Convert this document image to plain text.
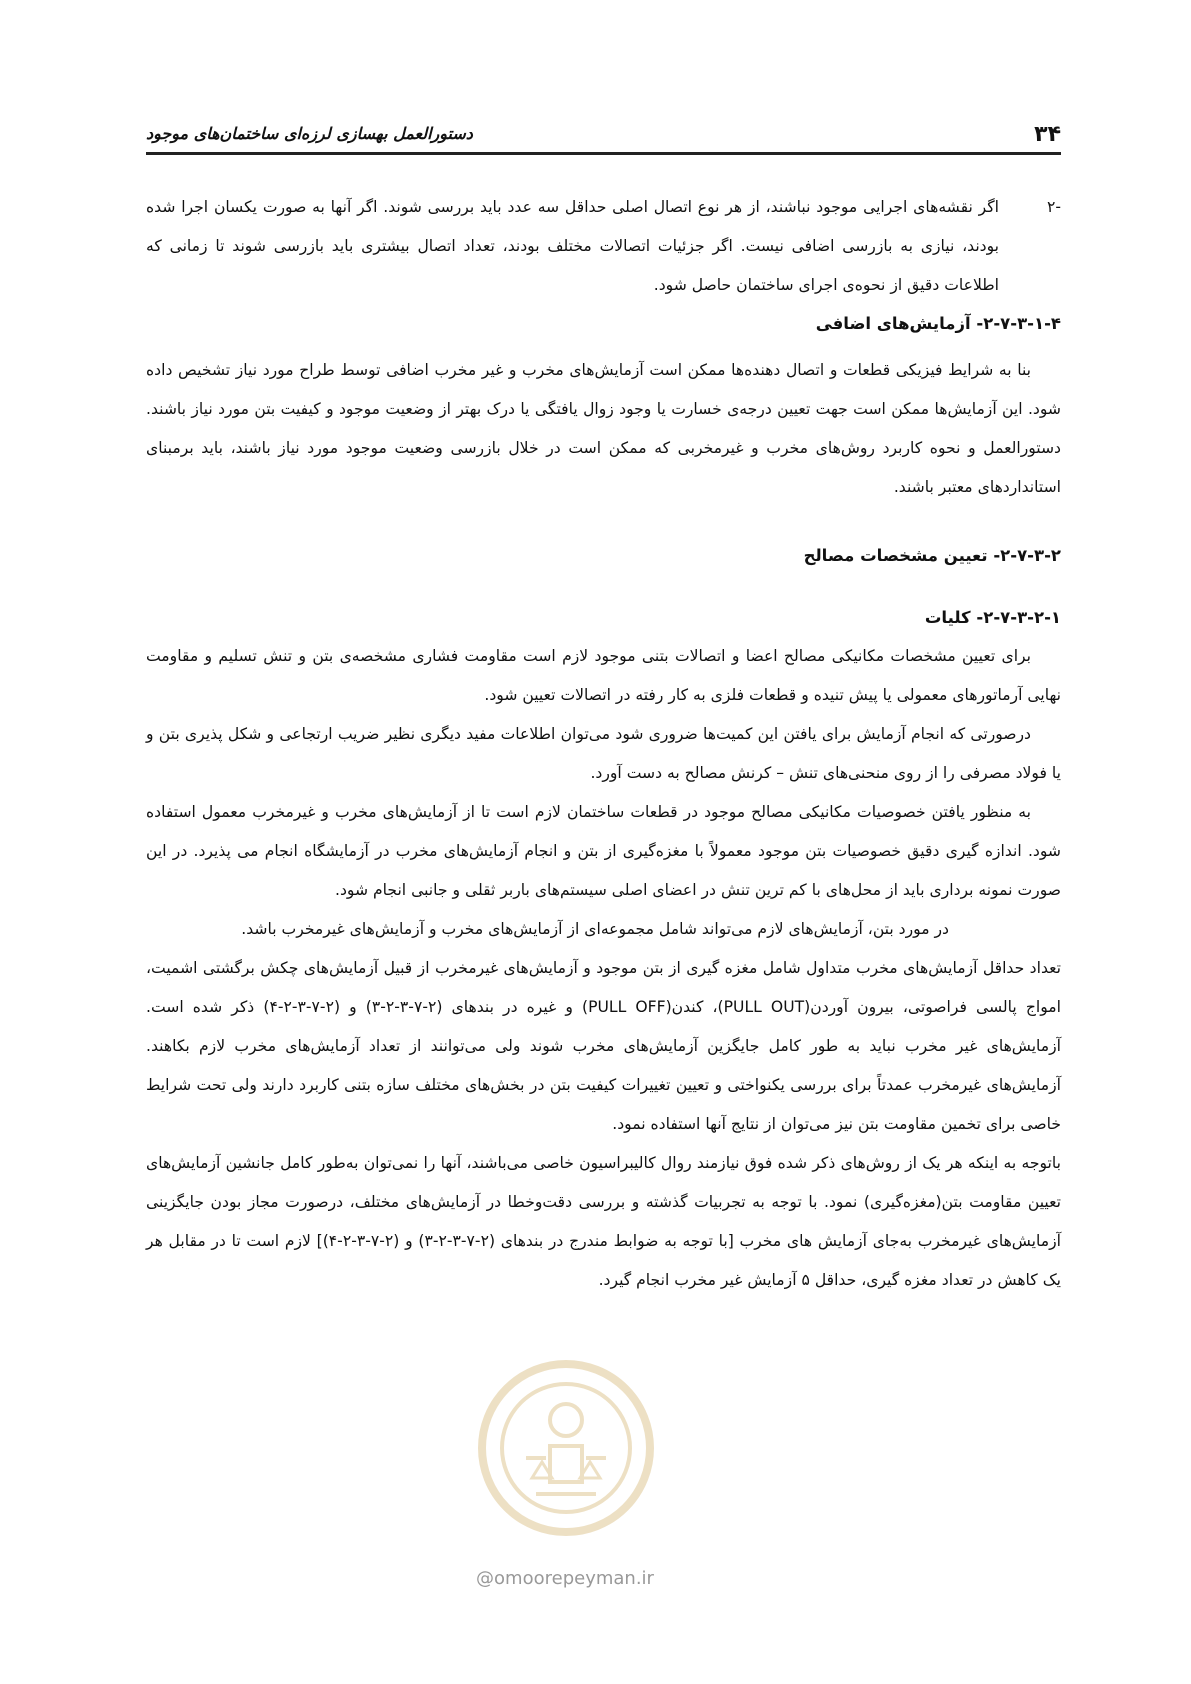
۳۴
دستورالعمل بهسازی لرزه‌ای ساختمان‌های موجود
-۲

اگر نقشه‌های اجرایی موجود نباشند، از هر نوع اتصال اصلی حداقل سه عدد باید بررسی شوند. اگر آنها به صورت یکسان اجرا شده بودند، نیازی به بازرسی اضافی نیست. اگر جزئیات اتصالات مختلف بودند، تعداد اتصال بیشتری باید بازرسی شوند تا زمانی که اطلاعات دقیق از نحوه‌ی اجرای ساختمان حاصل شود.

۲-۷-۳-۱-۴- آزمایش‌های اضافی

بنا به شرایط فیزیکی قطعات و اتصال دهنده‌ها ممکن است آزمایش‌های مخرب و غیر مخرب اضافی توسط طراح مورد نیاز تشخیص داده شود. این آزمایش‌ها ممکن است جهت تعیین درجه‌ی خسارت یا وجود زوال یافتگی یا درک بهتر از وضعیت موجود و کیفیت بتن مورد نیاز باشند. دستورالعمل و نحوه کاربرد روش‌های مخرب و غیرمخربی که ممکن است در خلال بازرسی وضعیت موجود مورد نیاز باشند، باید برمبنای استانداردهای معتبر باشند.

۲-۷-۳-۲- تعیین مشخصات مصالح
۲-۷-۳-۲-۱- کلیات

برای تعیین مشخصات مکانیکی مصالح اعضا و اتصالات بتنی موجود لازم است مقاومت فشاری مشخصه‌ی بتن و تنش تسلیم و مقاومت نهایی آرماتورهای معمولی یا پیش تنیده و قطعات فلزی به کار رفته در اتصالات تعیین شود.

درصورتی که انجام آزمایش برای یافتن این کمیت‌ها ضروری شود می‌توان اطلاعات مفید دیگری نظیر ضریب ارتجاعی و شکل پذیری بتن و یا فولاد مصرفی را از روی منحنی‌های تنش – کرنش مصالح به دست آورد.

به منظور یافتن خصوصیات مکانیکی مصالح موجود در قطعات ساختمان لازم است تا از آزمایش‌های مخرب و غیرمخرب معمول استفاده شود. اندازه گیری دقیق خصوصیات بتن موجود معمولاً با مغزه‌گیری از بتن و انجام آزمایش‌های مخرب در آزمایشگاه انجام می پذیرد. در این صورت نمونه برداری باید از محل‌های با کم ترین تنش در اعضای اصلی سیستم‌های باربر ثقلی و جانبی انجام شود.

در مورد بتن، آزمایش‌های لازم می‌تواند شامل مجموعه‌ای از آزمایش‌های مخرب و آزمایش‌های غیرمخرب باشد.

تعداد حداقل آزمایش‌های مخرب متداول شامل مغزه گیری از بتن موجود و آزمایش‌های غیرمخرب از قبیل آزمایش‌های چکش برگشتی اشمیت، امواج پالسی فراصوتی، بیرون آوردن(PULL OUT)، کندن(PULL OFF) و غیره در بندهای (۲-۷-۳-۲-۳) و (۲-۷-۳-۲-۴) ذکر شده است. آزمایش‌های غیر مخرب نباید به طور کامل جایگزین آزمایش‌های مخرب شوند ولی می‌توانند از تعداد آزمایش‌های مخرب لازم بکاهند. آزمایش‌های غیرمخرب عمدتاً برای بررسی یکنواختی و تعیین تغییرات کیفیت بتن در بخش‌های مختلف سازه بتنی کاربرد دارند ولی تحت شرایط خاصی برای تخمین مقاومت بتن نیز می‌توان از نتایج آنها استفاده نمود.

باتوجه به اینکه هر یک از روش‌های ذکر شده فوق نیازمند روال کالیبراسیون خاصی می‌باشند، آنها را نمی‌توان به‌طور کامل جانشین آزمایش‌های تعیین مقاومت بتن(مغزه‌گیری) نمود. با توجه به تجربیات گذشته و بررسی دقت‌وخطا در آزمایش‌های مختلف، درصورت مجاز بودن جایگزینی آزمایش‌های غیرمخرب به‌جای آزمایش های مخرب [با توجه به ضوابط مندرج در بندهای (۲-۷-۳-۲-۳) و (۲-۷-۳-۲-۴)] لازم است تا در مقابل هر یک کاهش در تعداد مغزه گیری، حداقل ۵ آزمایش غیر مخرب انجام گیرد.

@omoorepeyman.ir
